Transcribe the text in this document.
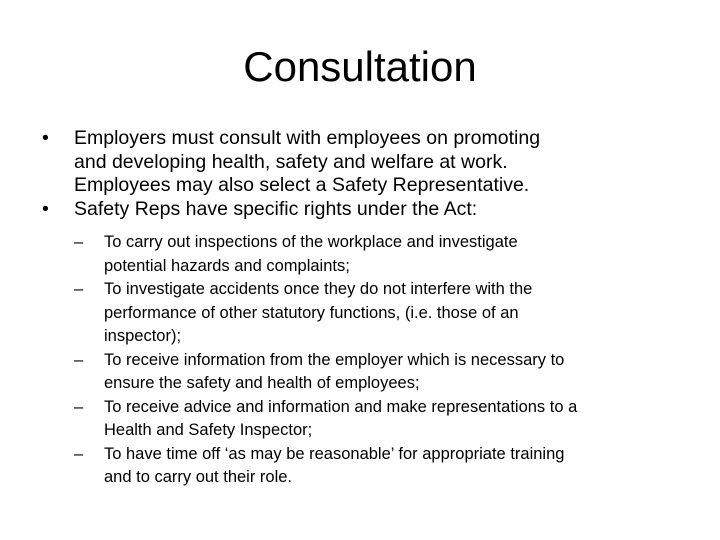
Consultation
• Employers must consult with employees on promoting
and developing health, safety and welfare at work.
Employees may also select a Safety Representative.
• Safety Reps have specific rights under the Act:
– To carry out inspections of the workplace and investigate
potential hazards and complaints;
– To investigate accidents once they do not interfere with the
performance of other statutory functions, (i.e. those of an
inspector);
– To receive information from the employer which is necessary to
ensure the safety and health of employees;
– To receive advice and information and make representations to a
Health and Safety Inspector;
– To have time off ‘as may be reasonable’ for appropriate training
and to carry out their role.
